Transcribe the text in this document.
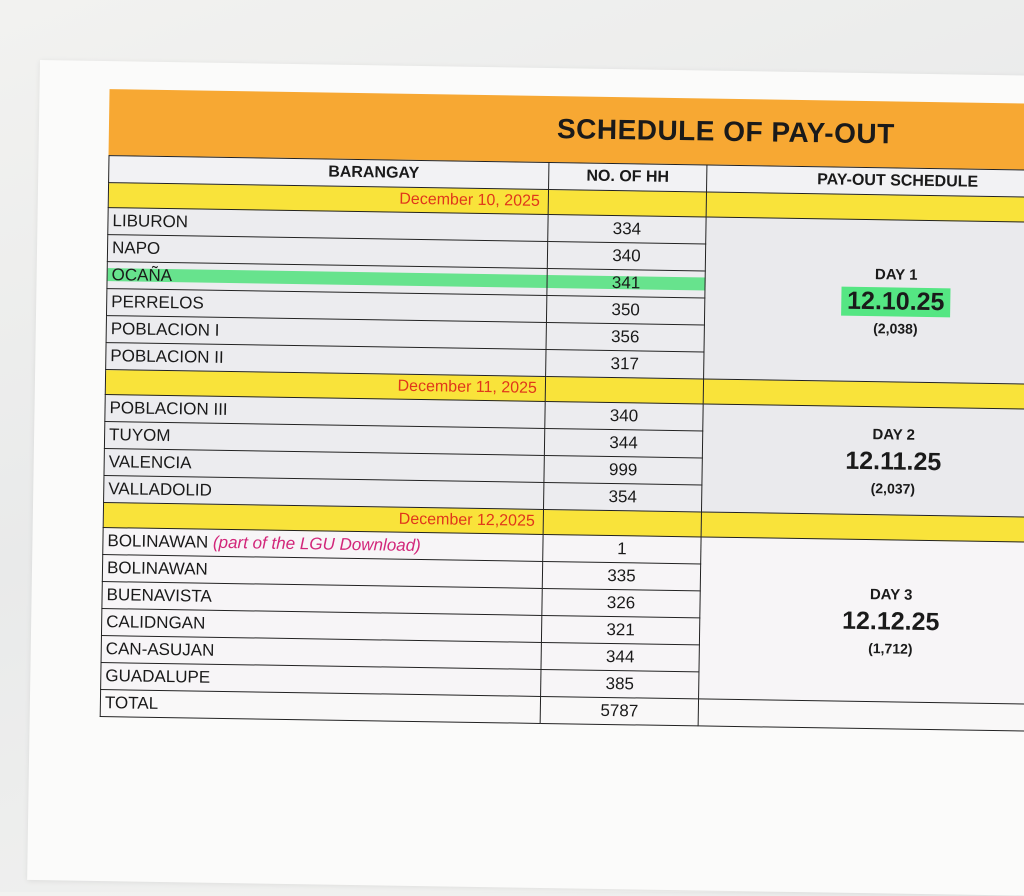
SCHEDULE OF PAY-OUT
BARANGAY	NO. OF HH	PAY-OUT SCHEDULE
December 10, 2025		
LIBURON	334	DAY 1
12.10.25
(2,038)

NAPO	340	
OCAÑA	341	
PERRELOS	350	
POBLACION I	356	
POBLACION II	317	
December 11, 2025		
POBLACION III	340	DAY 2
12.11.25
(2,037)

TUYOM	344	
VALENCIA	999	
VALLADOLID	354	
December 12,2025		
BOLINAWAN (part of the LGU Download)	1	DAY 3
12.12.25
(1,712)

BOLINAWAN	335	
BUENAVISTA	326	
CALIDNGAN	321	
CAN-ASUJAN	344	
GUADALUPE	385	
TOTAL	5787	
